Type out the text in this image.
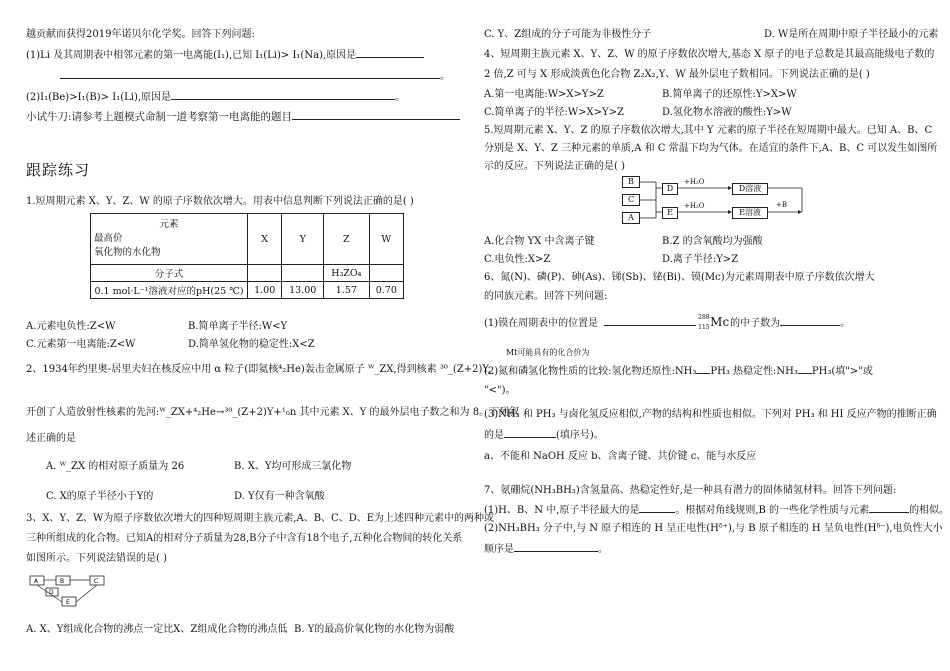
越贡献而获得2019年诺贝尔化学奖。回答下列问题:
(1)Li 及其周期表中相邻元素的第一电离能(I₁),已知 I₁(Li)> I₁(Na),原因是
。
(2)I₁(Be)>I₁(B)> I₁(Li),原因是	。
小试牛刀:请参考上题模式命制一道考察第一电离能的题目
跟踪练习
1.短周期元素 X、Y、Z、W 的原子序数依次增大。用表中信息判断下列说法正确的是( )
元素
最高价
氧化物的水化物	X	Y	Z	W
分子式			H₃ZO₄	
0.1 mol·L⁻¹溶液对应的pH(25 ℃)	1.00	13.00	1.57	0.70
A.元素电负性:Z<W	B.简单离子半径:W<Y
C.元素第一电离能:Z<W	D.简单氢化物的稳定性:X<Z
2、1934年约里奥-居里夫妇在核反应中用 α 粒子(即氦核⁴₂He)轰击金属原子 ᵂ_ZX,得到核素 ³⁰_(Z+2)Y,
开创了人造放射性核素的先河:ᵂ_ZX+⁴₂He→³⁰_(Z+2)Y+¹₀n 其中元素 X、Y 的最外层电子数之和为 8。下列叙
述正确的是
A. ᵂ_ZX 的相对原子质量为 26	B. X、Y均可形成三氯化物
C. X的原子半径小于Y的	D. Y仅有一种含氧酸
3、X、Y、Z、W为原子序数依次增大的四种短周期主族元素,A、B、C、D、E为上述四种元素中的两种或
三种所组成的化合物。已知A的相对分子质量为28,B分子中含有18个电子,五种化合物间的转化关系
如图所示。下列说法错误的是( )
A	B	C
D
E
A. X、Y组成化合物的沸点一定比X、Z组成化合物的沸点低 B. Y的最高价氧化物的水化物为弱酸
C. Y、Z组成的分子可能为非极性分子	D. W是所在周期中原子半径最小的元素
4、短周期主族元素 X、Y、Z、W 的原子序数依次增大,基态 X 原子的电子总数是其最高能级电子数的
2 倍,Z 可与 X 形成淡黄色化合物 Z₂X₂,Y、W 最外层电子数相同。下列说法正确的是( )
A.第一电离能:W>X>Y>Z	B.简单离子的还原性:Y>X>W
C.简单离子的半径:W>X>Y>Z	D.氢化物水溶液的酸性:Y>W
5.短周期元素 X、Y、Z 的原子序数依次增大,其中 Y 元素的原子半径在短周期中最大。已知 A、B、C
分别是 X、Y、Z 三种元素的单质,A 和 C 常温下均为气体。在适宜的条件下,A、B、C 可以发生如图所
示的反应。下列说法正确的是( )
B
C
A
D
E
+H₂O
+H₂O
D溶液
E溶液
+B
A.化合物 YX 中含离子键	B.Z 的含氧酸均为强酸
C.电负性:X>Z	D.离子半径:Y>Z
6、氮(N)、磷(P)、砷(As)、锑(Sb)、铋(Bi)、镆(Mc)为元素周期表中原子序数依次增大
的同族元素。回答下列问题:
(1)镆在周期表中的位置是
288
115 Mc 的中子数为	。
Mt可能具有的化合价为
(2)氮和磷氢化物性质的比较:氢化物还原性:NH₃ PH₃ 热稳定性:NH₃ PH₃(填">"或
"<")。
(3)NH₃ 和 PH₃ 与卤化氢反应相似,产物的结构和性质也相似。下列对 PH₃ 和 HI 反应产物的推断正确
的是	(填序号)。
a、不能和 NaOH 反应 b、含离子键、共价键 c、能与水反应
7、氨硼烷(NH₃BH₃)含氢量高、热稳定性好,是一种具有潜力的固体储氢材料。回答下列问题:
(1)H、B、N 中,原子半径最大的是	。根据对角线规则,B 的一些化学性质与元素	的相似。
(2)NH₃BH₃ 分子中,与 N 原子相连的 H 呈正电性(Hᵟ⁺),与 B 原子相连的 H 呈负电性(Hᵟ⁻),电负性大小
顺序是	。
